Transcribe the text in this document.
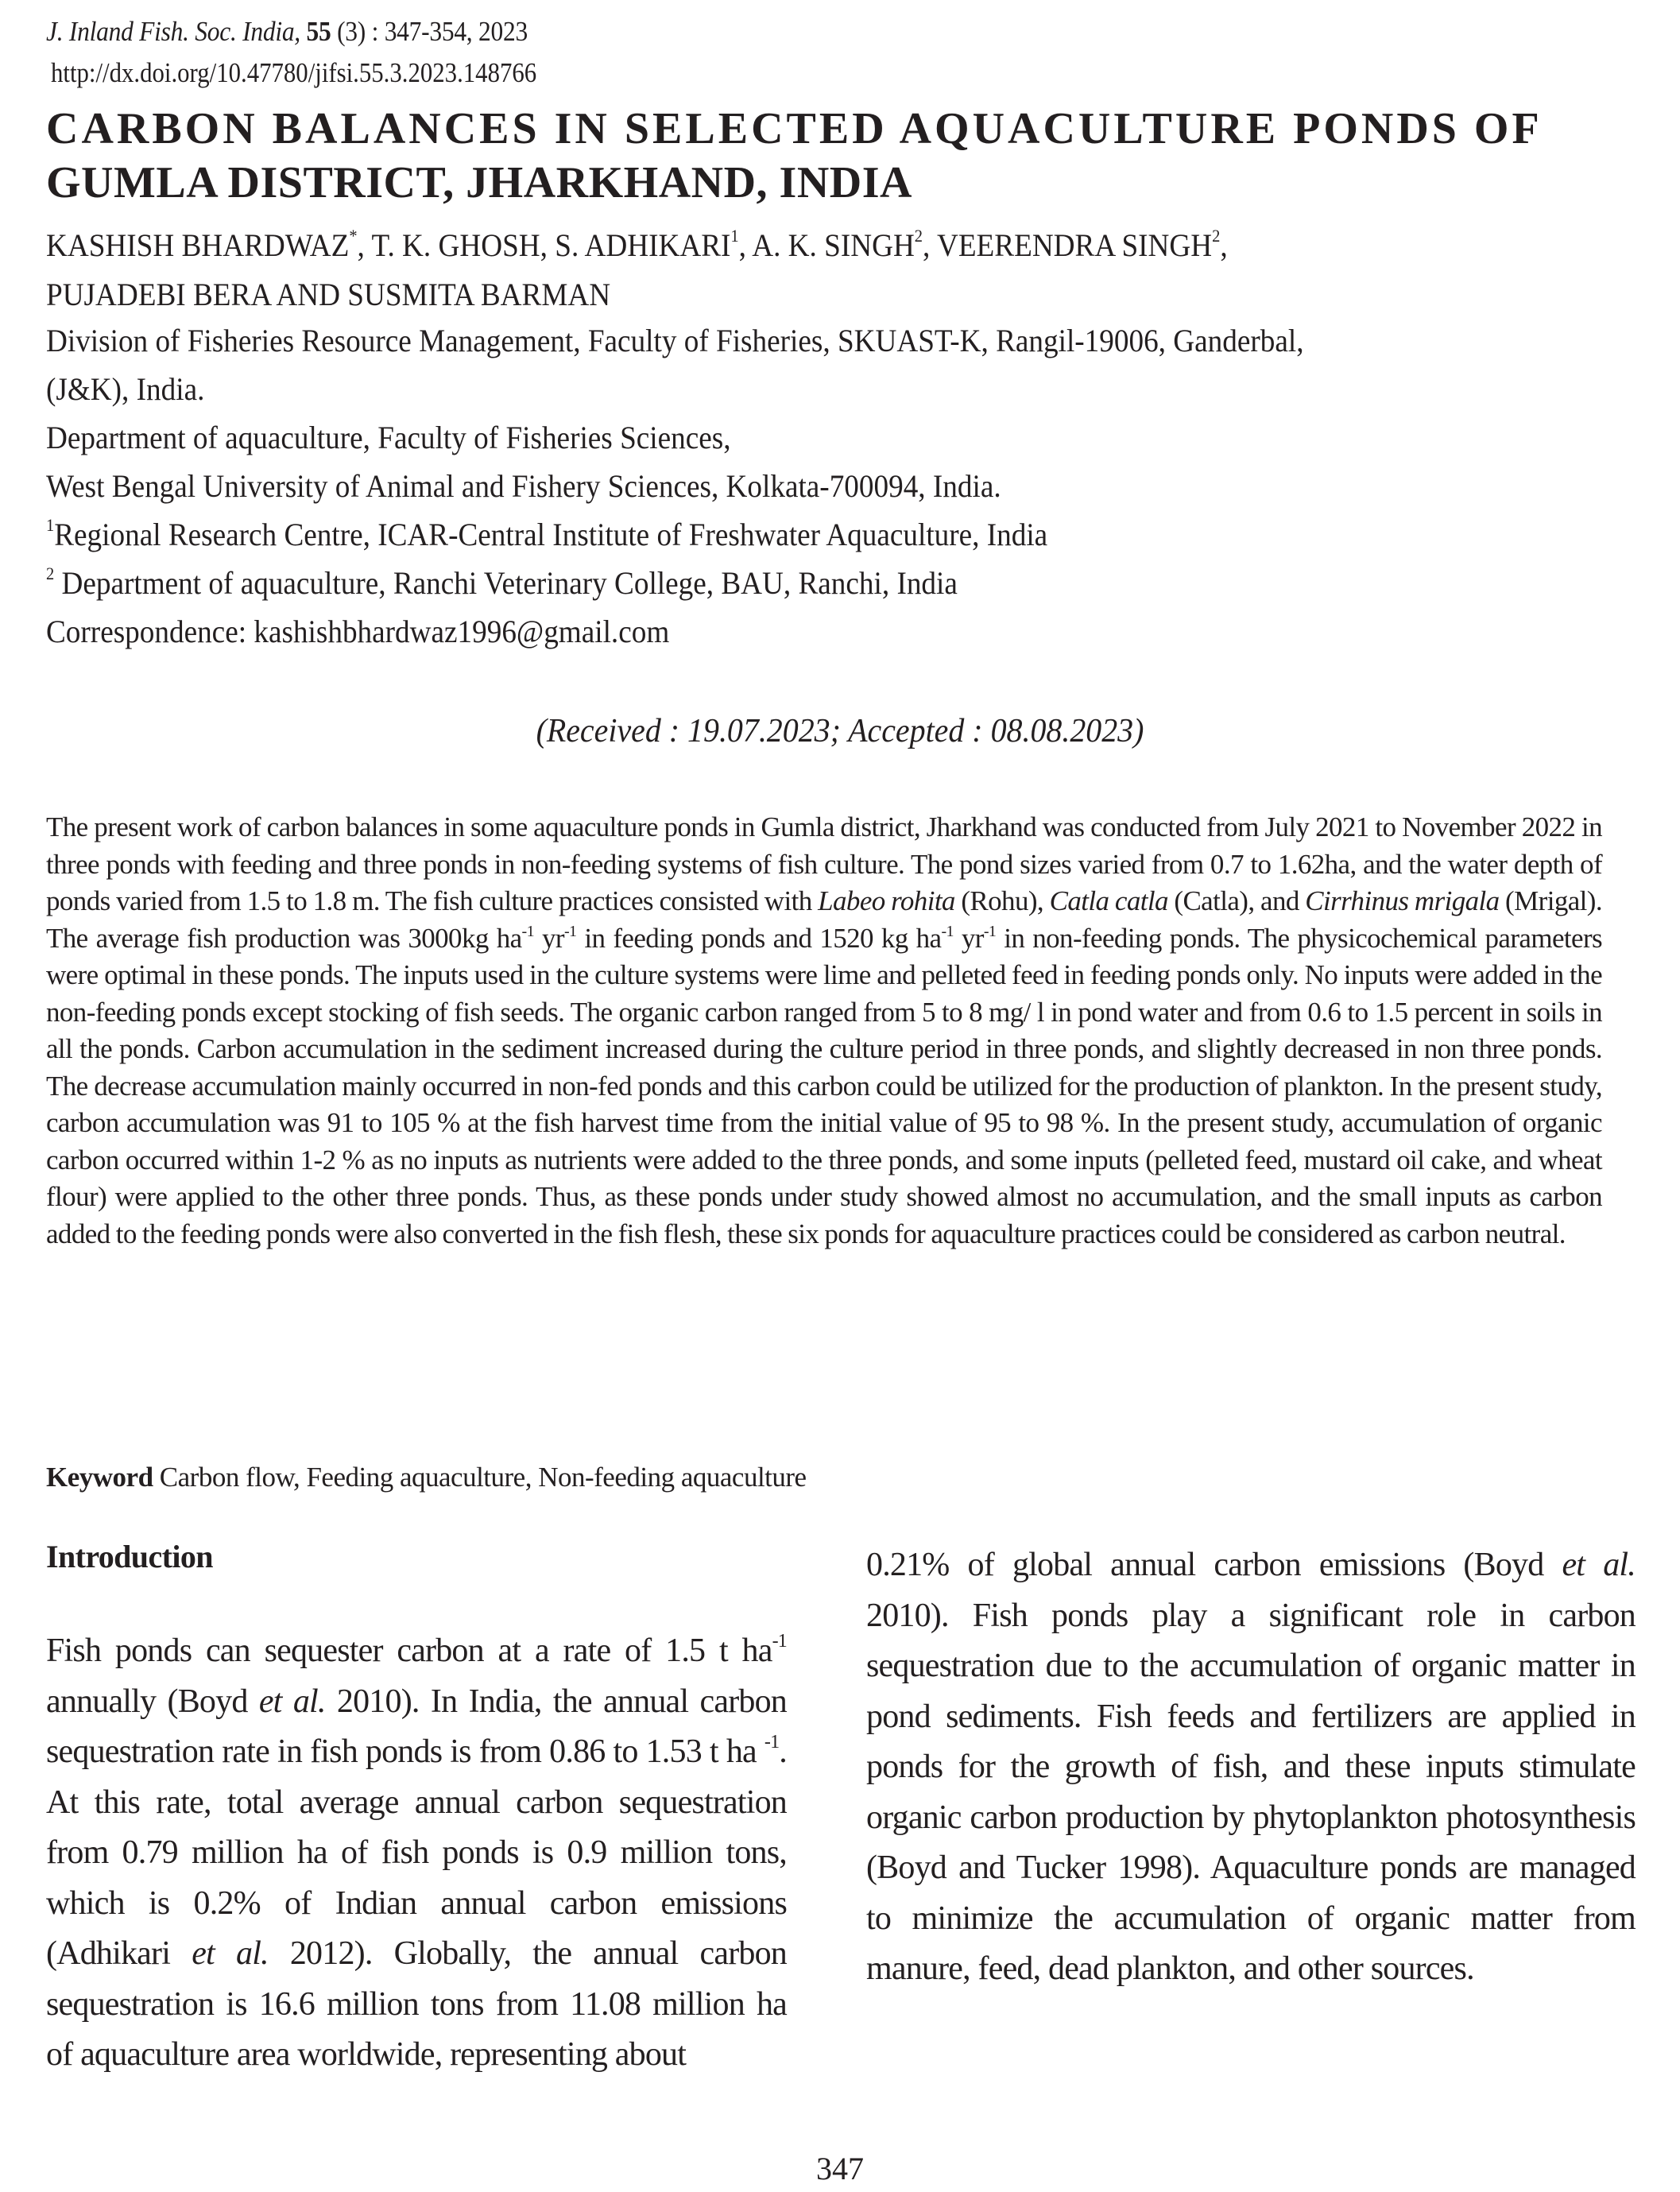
J. Inland Fish. Soc. India, 55 (3) : 347-354, 2023
http://dx.doi.org/10.47780/jifsi.55.3.2023.148766
CARBON BALANCES IN SELECTED AQUACULTURE PONDS OF
GUMLA DISTRICT, JHARKHAND, INDIA
KASHISH BHARDWAZ*, T. K. GHOSH, S. ADHIKARI$^1$, A. K. SINGH$^2$, VEERENDRA SINGH$^2$,
PUJADEBI BERA AND SUSMITA BARMAN
Division of Fisheries Resource Management, Faculty of Fisheries, SKUAST-K, Rangil-19006, Ganderbal,
(J&K), India.
Department of aquaculture, Faculty of Fisheries Sciences,
West Bengal University of Animal and Fishery Sciences, Kolkata-700094, India.
$^1$Regional Research Centre, ICAR-Central Institute of Freshwater Aquaculture, India
$^2$ Department of aquaculture, Ranchi Veterinary College, BAU, Ranchi, India
Correspondence: kashishbhardwaz1996@gmail.com
(Received : 19.07.2023; Accepted : 08.08.2023)
The present work of carbon balances in some aquaculture ponds in Gumla district, Jharkhand was conducted from July 2021 to November 2022 in three ponds with feeding and three ponds in non-feeding systems of fish culture. The pond sizes varied from 0.7 to 1.62ha, and the water depth of ponds varied from 1.5 to 1.8 m. The fish culture practices consisted with Labeo rohita (Rohu), Catla catla (Catla), and Cirrhinus mrigala (Mrigal). The average fish production was 3000kg $ha^{-1}$ $yr^{-1}$ in feeding ponds and 1520 kg $ha^{-1}$ $yr^{-1}$ in non-feeding ponds. The physicochemical parameters were optimal in these ponds. The inputs used in the culture systems were lime and pelleted feed in feeding ponds only. No inputs were added in the non-feeding ponds except stocking of fish seeds. The organic carbon ranged from 5 to 8 mg/ l in pond water and from 0.6 to 1.5 percent in soils in all the ponds. Carbon accumulation in the sediment increased during the culture period in three ponds, and slightly decreased in non three ponds. The decrease accumulation mainly occurred in non-fed ponds and this carbon could be utilized for the production of plankton. In the present study, carbon accumulation was 91 to 105 % at the fish harvest time from the initial value of 95 to 98 %. In the present study, accumulation of organic carbon occurred within 1-2 % as no inputs as nutrients were added to the three ponds, and some inputs (pelleted feed, mustard oil cake, and wheat flour) were applied to the other three ponds. Thus, as these ponds under study showed almost no accumulation, and the small inputs as carbon added to the feeding ponds were also converted in the fish flesh, these six ponds for aquaculture practices could be considered as carbon neutral.
Keyword Carbon flow, Feeding aquaculture, Non-feeding aquaculture
Introduction
Fish ponds can sequester carbon at a rate of 1.5 t $ha^{-1}$ annually (Boyd et al. 2010). In India, the annual carbon sequestration rate in fish ponds is from 0.86 to 1.53 t ha $^{-1}$. At this rate, total average annual carbon sequestration from 0.79 million ha of fish ponds is 0.9 million tons, which is 0.2% of Indian annual carbon emissions (Adhikari et al. 2012). Globally, the annual carbon sequestration is 16.6 million tons from 11.08 million ha of aquaculture area worldwide, representing about
0.21% of global annual carbon emissions (Boyd et al. 2010). Fish ponds play a significant role in carbon sequestration due to the accumulation of organic matter in pond sediments. Fish feeds and fertilizers are applied in ponds for the growth of fish, and these inputs stimulate organic carbon production by phytoplankton photosynthesis (Boyd and Tucker 1998). Aquaculture ponds are managed to minimize the accumulation of organic matter from manure, feed, dead plankton, and other sources.
347
